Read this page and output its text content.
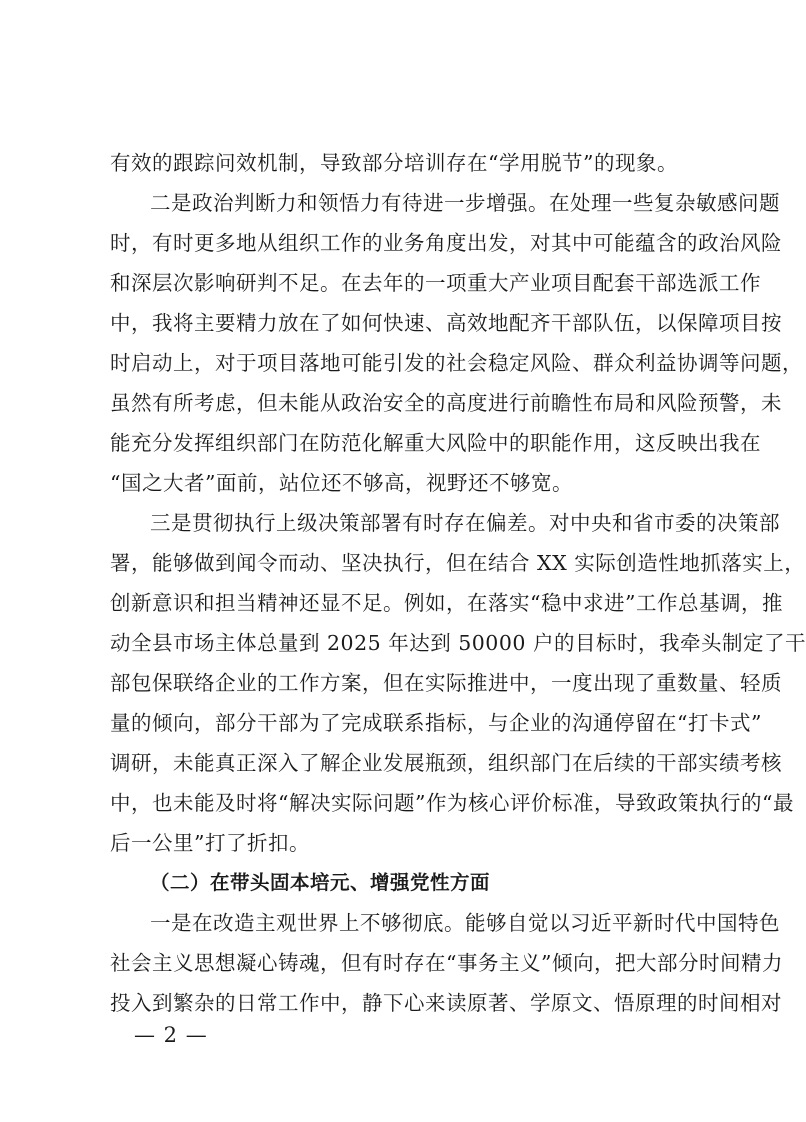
有效的跟踪问效机制，导致部分培训存在“学用脱节”的现象。
二是政治判断力和领悟力有待进一步增强。在处理一些复杂敏感问题
时，有时更多地从组织工作的业务角度出发，对其中可能蕴含的政治风险
和深层次影响研判不足。在去年的一项重大产业项目配套干部选派工作
中，我将主要精力放在了如何快速、高效地配齐干部队伍，以保障项目按
时启动上，对于项目落地可能引发的社会稳定风险、群众利益协调等问题，
虽然有所考虑，但未能从政治安全的高度进行前瞻性布局和风险预警，未
能充分发挥组织部门在防范化解重大风险中的职能作用，这反映出我在
“国之大者”面前，站位还不够高，视野还不够宽。
三是贯彻执行上级决策部署有时存在偏差。对中央和省市委的决策部
署，能够做到闻令而动、坚决执行，但在结合 XX 实际创造性地抓落实上，
创新意识和担当精神还显不足。例如，在落实“稳中求进”工作总基调，推
动全县市场主体总量到 2025 年达到 50000 户的目标时，我牵头制定了干
部包保联络企业的工作方案，但在实际推进中，一度出现了重数量、轻质
量的倾向，部分干部为了完成联系指标，与企业的沟通停留在“打卡式”
调研，未能真正深入了解企业发展瓶颈，组织部门在后续的干部实绩考核
中，也未能及时将“解决实际问题”作为核心评价标准，导致政策执行的“最
后一公里”打了折扣。
（二）在带头固本培元、增强党性方面
一是在改造主观世界上不够彻底。能够自觉以习近平新时代中国特色
社会主义思想凝心铸魂，但有时存在“事务主义”倾向，把大部分时间精力
投入到繁杂的日常工作中，静下心来读原著、学原文、悟原理的时间相对
— 2 —
